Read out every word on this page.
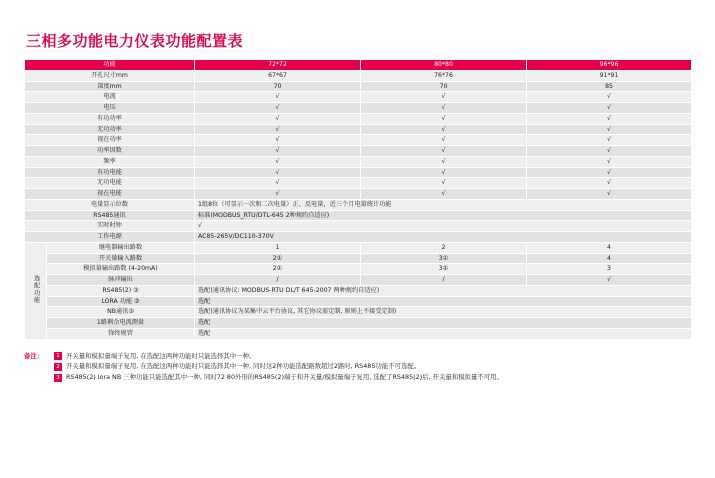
三相多功能电力仪表功能配置表
功能		72*72	80*80	96*96
开孔尺寸mm		67*67	76*76	91*91
深度mm		70	70	85
电流		√	√	√
电压		√	√	√
有功功率		√	√	√
无功功率		√	√	√
视在功率		√	√	√
功率因数		√	√	√
频率		√	√	√
有功电能		√	√	√
无功电能		√	√	√
视在电能		√	√	√
电量显示位数		1组8位（可显示一次和二次电量）正、反电量，近三个月电量统计功能		
RS485通讯		标准(MODBUS_RTU/DTL-645 2种规约自适应)		
实时时钟		√		
工作电源		AC85-265V/DC110-370V		
选配功能	继电器输出路数	1	2	4
	开关量输入路数	2①	3①	4
	模拟量输出路数 (4-20mA)	2①	3①	3
	脉冲输出	/	/	√
	RS485(2) ③	选配(通讯协议: MODBUS-RTU DL/T 645-2007 两种规约自适应)		
	LORA 功能 ③	选配		
	NB通讯③	选配(通讯协议为某集中云平台协议, 其它协议需定制, 原则上不接受定制)		
	1路剩佘电流测量	选配		
	锋终规管	选配		
备注：	1 开关量和模拟量端子复用, 在选配这两种功能时只能选择其中一种。
2 开关量和模拟量端子复用, 在选配这两种功能时只能选择其中一种, 同时这2种功能选配路数超过2路时, RS485功能不可选配。
3 RS485(2) lora NB 三种功能只能选配其中一种, 同时72 80外形的RS485(2)端子和开关量/模拟量端子复用, 选配了RS485(2)后, 开关量和模拟量不可用。
